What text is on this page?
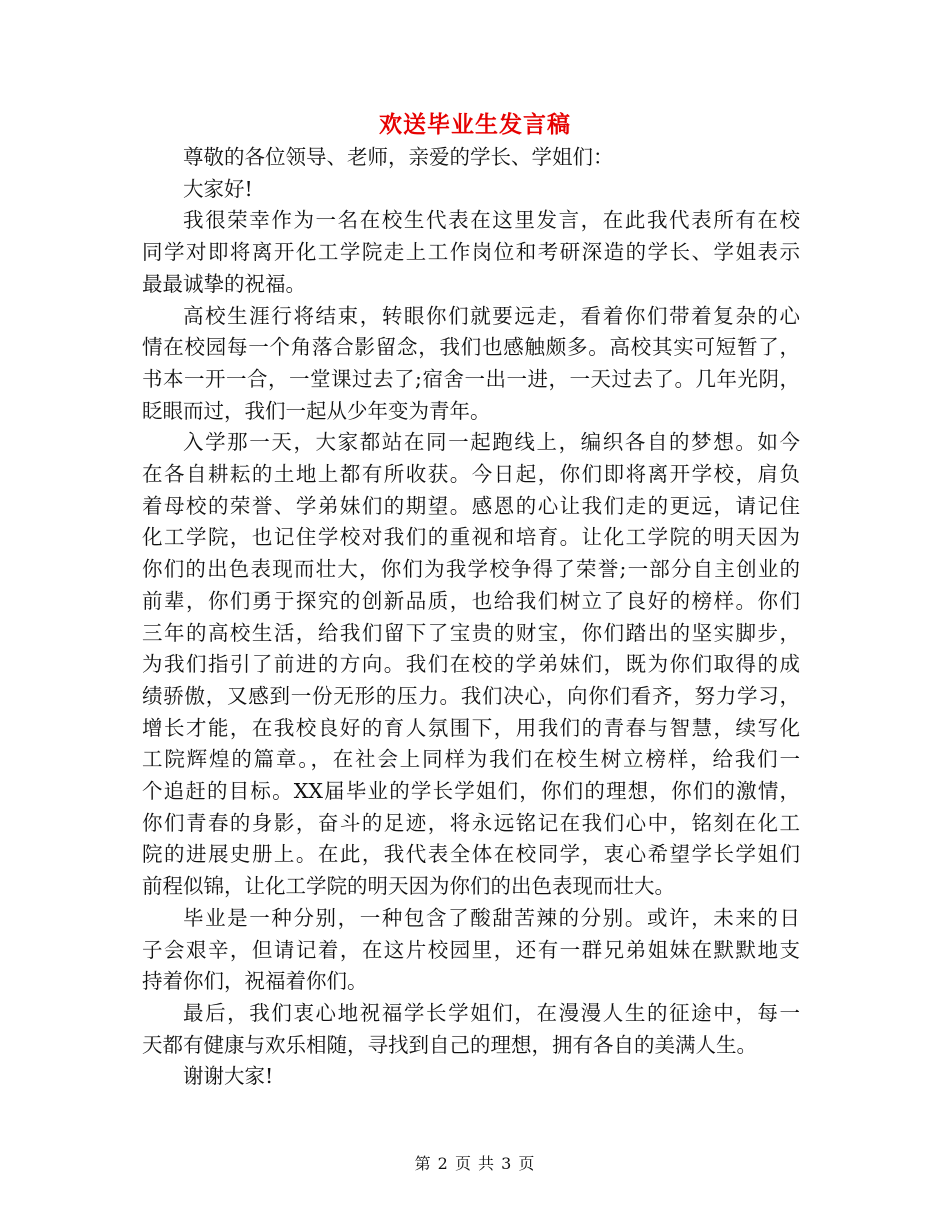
欢送毕业生发言稿
尊敬的各位领导、老师，亲爱的学长、学姐们：
大家好!
我很荣幸作为一名在校生代表在这里发言，在此我代表所有在校
同学对即将离开化工学院走上工作岗位和考研深造的学长、学姐表示
最最诚挚的祝福。
高校生涯行将结束，转眼你们就要远走，看着你们带着复杂的心
情在校园每一个角落合影留念，我们也感触颇多。高校其实可短暂了，
书本一开一合，一堂课过去了;宿舍一出一进，一天过去了。几年光阴，
眨眼而过，我们一起从少年变为青年。
入学那一天，大家都站在同一起跑线上，编织各自的梦想。如今
在各自耕耘的土地上都有所收获。今日起，你们即将离开学校，肩负
着母校的荣誉、学弟妹们的期望。感恩的心让我们走的更远，请记住
化工学院，也记住学校对我们的重视和培育。让化工学院的明天因为
你们的出色表现而壮大，你们为我学校争得了荣誉;一部分自主创业的
前辈，你们勇于探究的创新品质，也给我们树立了良好的榜样。你们
三年的高校生活，给我们留下了宝贵的财宝，你们踏出的坚实脚步，
为我们指引了前进的方向。我们在校的学弟妹们，既为你们取得的成
绩骄傲，又感到一份无形的压力。我们决心，向你们看齐，努力学习，
增长才能，在我校良好的育人氛围下，用我们的青春与智慧，续写化
工院辉煌的篇章。，在社会上同样为我们在校生树立榜样，给我们一
个追赶的目标。XX届毕业的学长学姐们，你们的理想，你们的激情，
你们青春的身影，奋斗的足迹，将永远铭记在我们心中，铭刻在化工
院的进展史册上。在此，我代表全体在校同学，衷心希望学长学姐们
前程似锦，让化工学院的明天因为你们的出色表现而壮大。
毕业是一种分别，一种包含了酸甜苦辣的分别。或许，未来的日
子会艰辛，但请记着，在这片校园里，还有一群兄弟姐妹在默默地支
持着你们，祝福着你们。
最后，我们衷心地祝福学长学姐们，在漫漫人生的征途中，每一
天都有健康与欢乐相随，寻找到自己的理想，拥有各自的美满人生。
谢谢大家!
第 2 页 共 3 页
